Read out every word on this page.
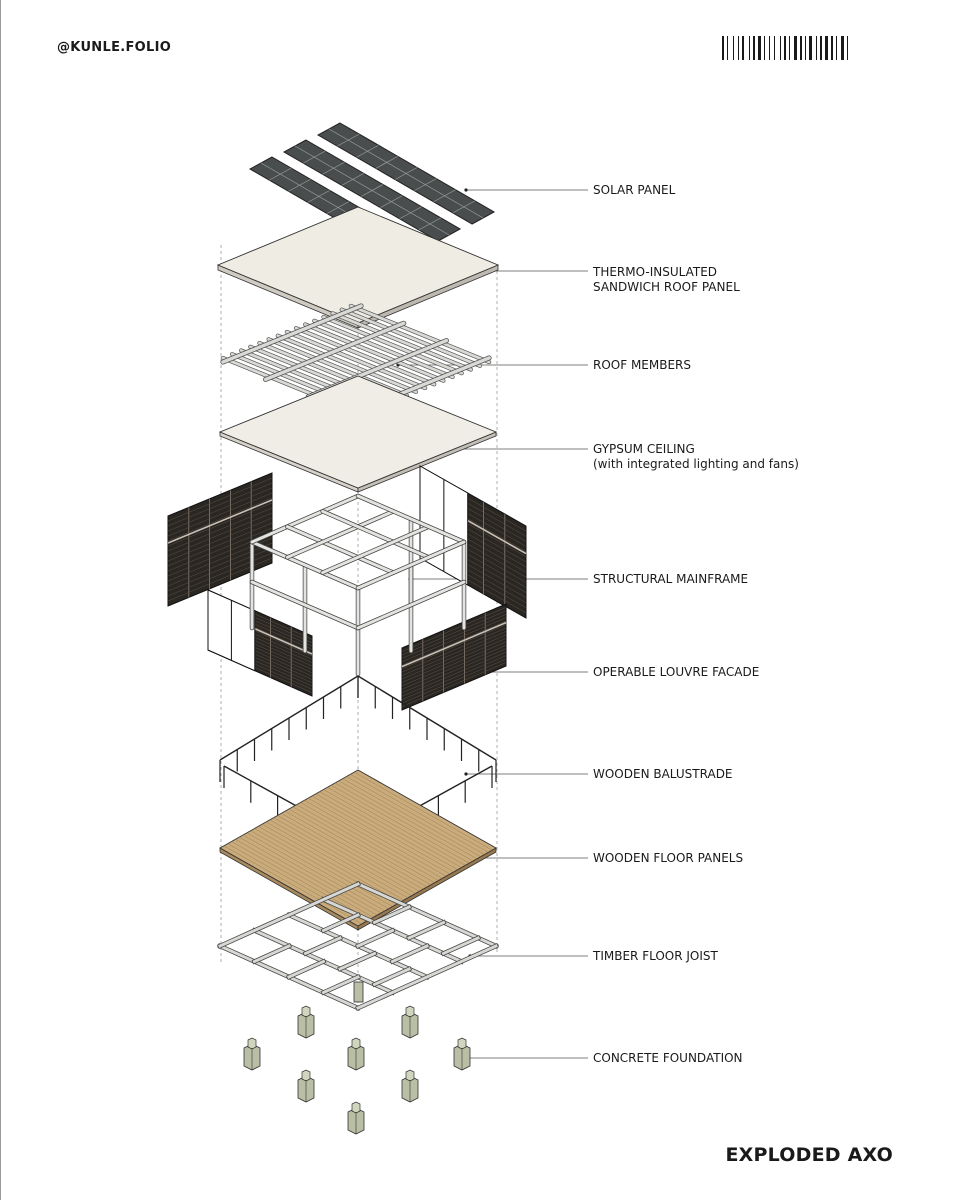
@KUNLE.FOLIO
SOLAR PANEL
THERMO-INSULATED
SANDWICH ROOF PANEL
ROOF MEMBERS
GYPSUM CEILING
(with integrated lighting and fans)
STRUCTURAL MAINFRAME
OPERABLE LOUVRE FACADE
WOODEN BALUSTRADE
WOODEN FLOOR PANELS
TIMBER FLOOR JOIST
CONCRETE FOUNDATION
EXPLODED AXO
